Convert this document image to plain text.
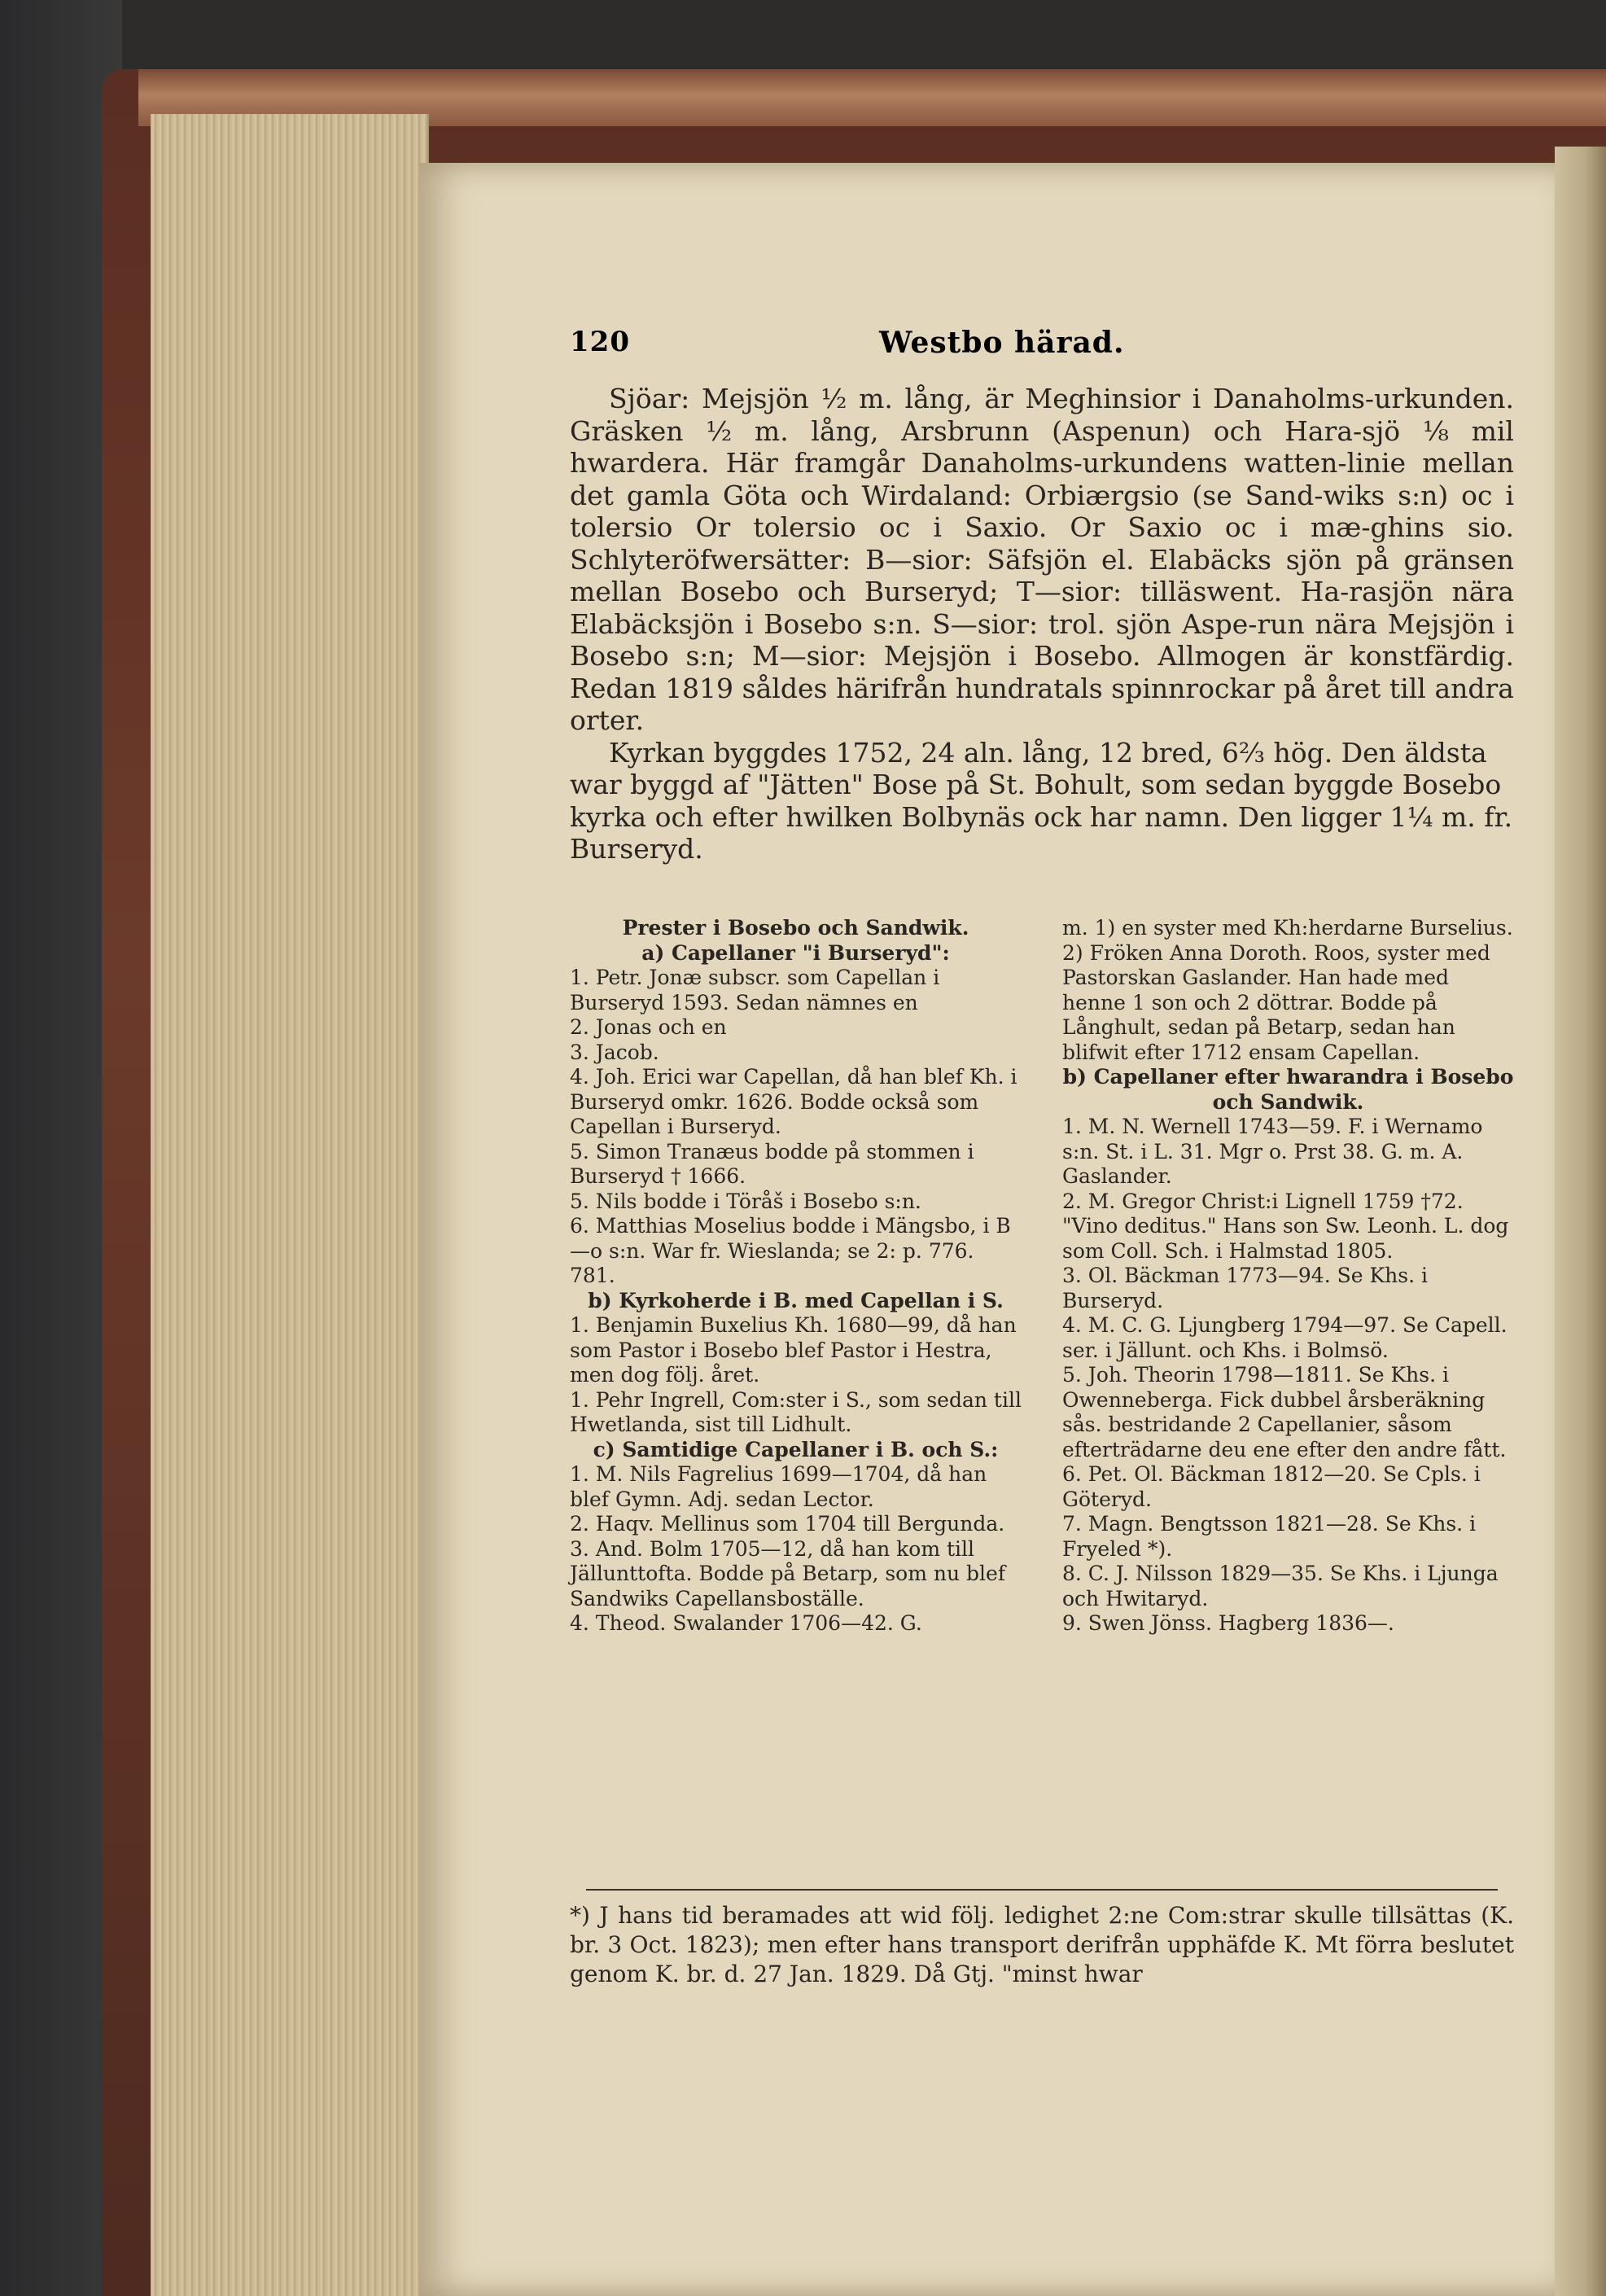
120	Westbo härad.

Sjöar: Mejsjön ½ m. lång, är Meghinsior i Danaholms-urkunden. Gräsken ½ m. lång, Arsbrunn (Aspenun) och Hara-sjö ⅛ mil hwardera. Här framgår Danaholms-urkundens watten-linie mellan det gamla Göta och Wirdaland: Orbiærgsio (se Sand-wiks s:n) oc i tolersio Or tolersio oc i Saxio. Or Saxio oc i mæ-ghins sio. Schlyteröfwersätter: B—sior: Säfsjön el. Elabäcks sjön på gränsen mellan Bosebo och Burseryd; T—sior: tilläswent. Ha-rasjön nära Elabäcksjön i Bosebo s:n. S—sior: trol. sjön Aspe-run nära Mejsjön i Bosebo s:n; M—sior: Mejsjön i Bosebo. Allmogen är konstfärdig. Redan 1819 såldes härifrån hundratals spinnrockar på året till andra orter.

Kyrkan byggdes 1752, 24 aln. lång, 12 bred, 6⅔ hög. Den äldsta war byggd af "Jätten" Bose på St. Bohult, som sedan byggde Bosebo kyrka och efter hwilken Bolbynäs ock har namn. Den ligger 1¼ m. fr. Burseryd.

Prester i Bosebo och Sandwik.

a) Capellaner "i Burseryd":

1. Petr. Jonæ subscr. som Capellan i Burseryd 1593. Sedan nämnes en

2. Jonas och en

3. Jacob.

4. Joh. Erici war Capellan, då han blef Kh. i Burseryd omkr. 1626. Bodde också som Capellan i Burseryd.

5. Simon Tranæus bodde på stommen i Burseryd † 1666.

5. Nils bodde i Töråš i Bosebo s:n.

6. Matthias Moselius bodde i Mängsbo, i B—o s:n. War fr. Wieslanda; se 2: p. 776. 781.

b) Kyrkoherde i B. med Capellan i S.

1. Benjamin Buxelius Kh. 1680—99, då han som Pastor i Bosebo blef Pastor i Hestra, men dog följ. året.

1. Pehr Ingrell, Com:ster i S., som sedan till Hwetlanda, sist till Lidhult.

c) Samtidige Capellaner i B. och S.:

1. M. Nils Fagrelius 1699—1704, då han blef Gymn. Adj. sedan Lector.

2. Haqv. Mellinus som 1704 till Bergunda.

3. And. Bolm 1705—12, då han kom till Jällunttofta. Bodde på Betarp, som nu blef Sandwiks Capellansboställe.

4. Theod. Swalander 1706—42. G.

m. 1) en syster med Kh:herdarne Burselius. 2) Fröken Anna Doroth. Roos, syster med Pastorskan Gaslander. Han hade med henne 1 son och 2 döttrar. Bodde på Långhult, sedan på Betarp, sedan han blifwit efter 1712 ensam Capellan.

b) Capellaner efter hwarandra i Bosebo och Sandwik.

1. M. N. Wernell 1743—59. F. i Wernamo s:n. St. i L. 31. Mgr o. Prst 38. G. m. A. Gaslander.

2. M. Gregor Christ:i Lignell 1759 †72. "Vino deditus." Hans son Sw. Leonh. L. dog som Coll. Sch. i Halmstad 1805.

3. Ol. Bäckman 1773—94. Se Khs. i Burseryd.

4. M. C. G. Ljungberg 1794—97. Se Capell. ser. i Jällunt. och Khs. i Bolmsö.

5. Joh. Theorin 1798—1811. Se Khs. i Owenneberga. Fick dubbel årsberäkning sås. bestridande 2 Capellanier, såsom efterträdarne deu ene efter den andre fått.

6. Pet. Ol. Bäckman 1812—20. Se Cpls. i Göteryd.

7. Magn. Bengtsson 1821—28. Se Khs. i Fryeled *).

8. C. J. Nilsson 1829—35. Se Khs. i Ljunga och Hwitaryd.

9. Swen Jönss. Hagberg 1836—.

*) J hans tid beramades att wid följ. ledighet 2:ne Com:strar skulle tillsättas (K. br. 3 Oct. 1823); men efter hans transport derifrån upphäfde K. Mt förra beslutet genom K. br. d. 27 Jan. 1829. Då Gtj. "minst hwar
